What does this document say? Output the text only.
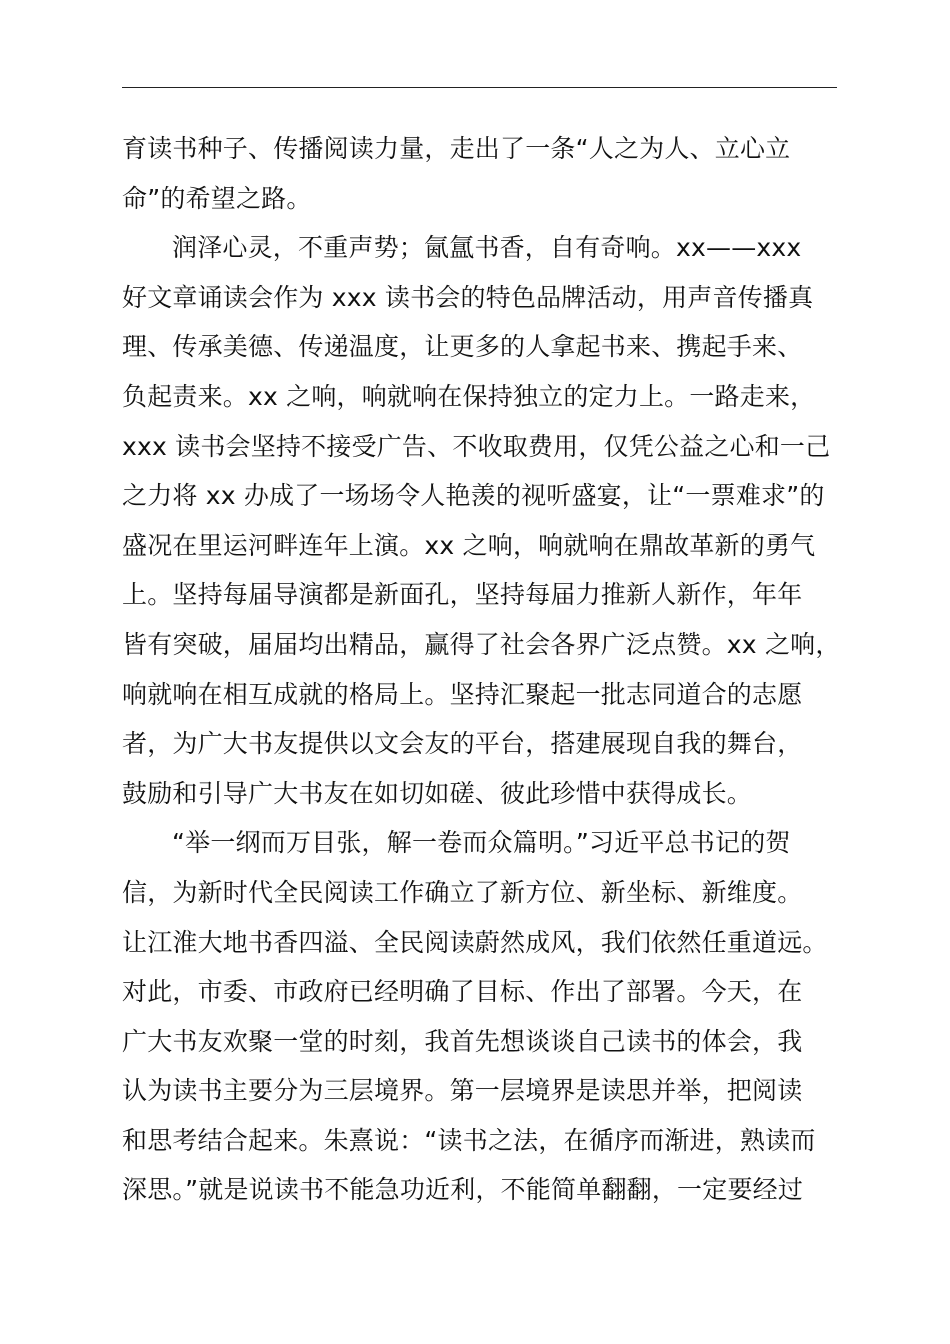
育读书种子、传播阅读力量，走出了一条“人之为人、立心立
命”的希望之路。
润泽心灵，不重声势；氤氲书香，自有奇响。xx——xxx
好文章诵读会作为 xxx 读书会的特色品牌活动，用声音传播真
理、传承美德、传递温度，让更多的人拿起书来、携起手来、
负起责来。xx 之响，响就响在保持独立的定力上。一路走来，
xxx 读书会坚持不接受广告、不收取费用，仅凭公益之心和一己
之力将 xx 办成了一场场令人艳羡的视听盛宴，让“一票难求”的
盛况在里运河畔连年上演。xx 之响，响就响在鼎故革新的勇气
上。坚持每届导演都是新面孔，坚持每届力推新人新作，年年
皆有突破，届届均出精品，赢得了社会各界广泛点赞。xx 之响，
响就响在相互成就的格局上。坚持汇聚起一批志同道合的志愿
者，为广大书友提供以文会友的平台，搭建展现自我的舞台，
鼓励和引导广大书友在如切如磋、彼此珍惜中获得成长。
“举一纲而万目张，解一卷而众篇明。”习近平总书记的贺
信，为新时代全民阅读工作确立了新方位、新坐标、新维度。
让江淮大地书香四溢、全民阅读蔚然成风，我们依然任重道远。
对此，市委、市政府已经明确了目标、作出了部署。今天，在
广大书友欢聚一堂的时刻，我首先想谈谈自己读书的体会，我
认为读书主要分为三层境界。第一层境界是读思并举，把阅读
和思考结合起来。朱熹说：“读书之法，在循序而渐进，熟读而
深思。”就是说读书不能急功近利，不能简单翻翻，一定要经过
